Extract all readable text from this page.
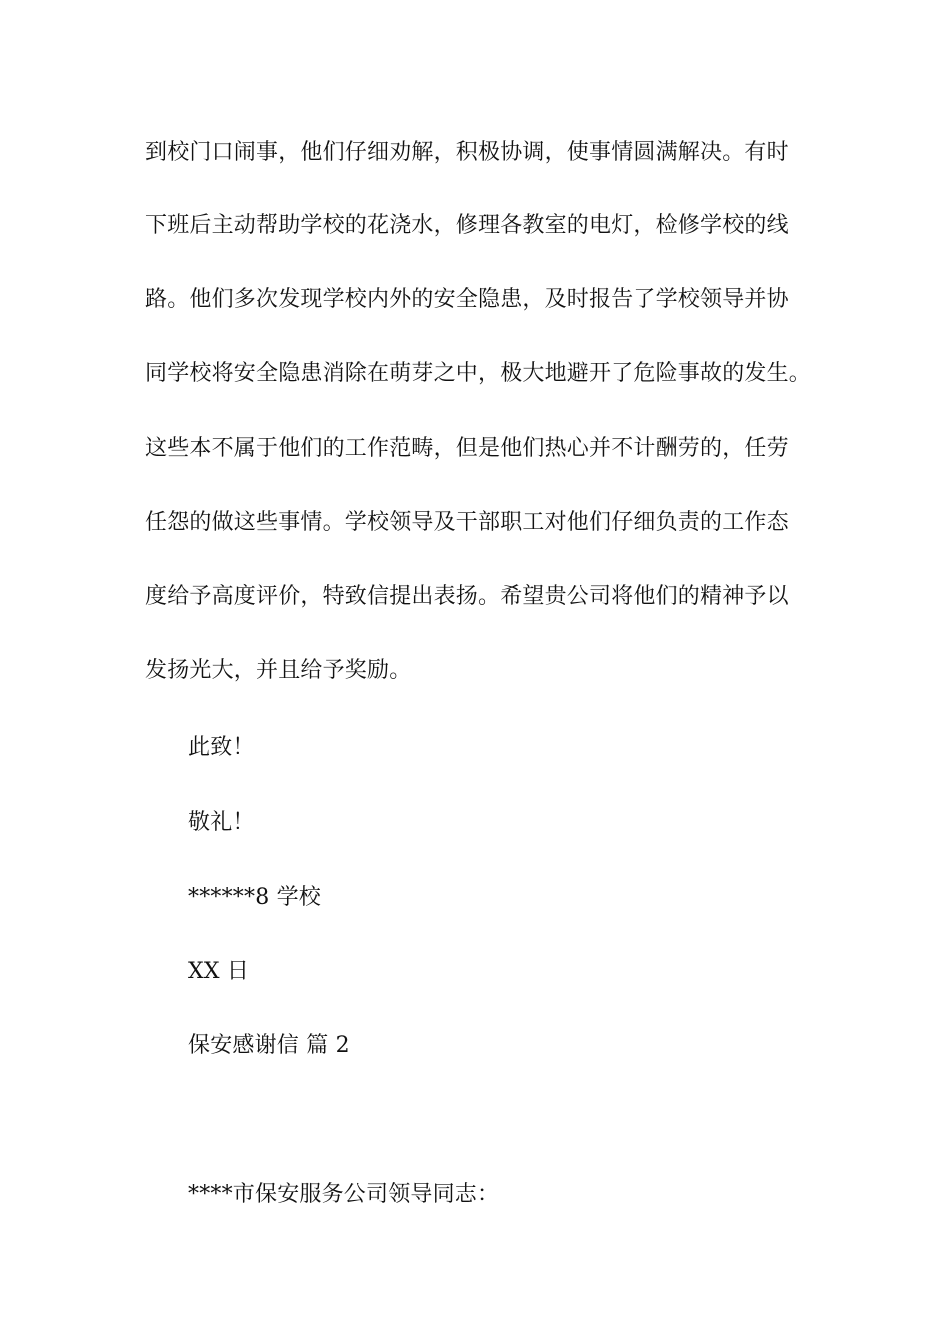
到校门口闹事，他们仔细劝解，积极协调，使事情圆满解决。有时
下班后主动帮助学校的花浇水，修理各教室的电灯，检修学校的线
路。他们多次发现学校内外的安全隐患，及时报告了学校领导并协
同学校将安全隐患消除在萌芽之中，极大地避开了危险事故的发生。
这些本不属于他们的工作范畴，但是他们热心并不计酬劳的，任劳
任怨的做这些事情。学校领导及干部职工对他们仔细负责的工作态
度给予高度评价，特致信提出表扬。希望贵公司将他们的精神予以
发扬光大，并且给予奖励。
此致！
敬礼！
******8 学校
XX 日
保安感谢信 篇 2
****市保安服务公司领导同志：
